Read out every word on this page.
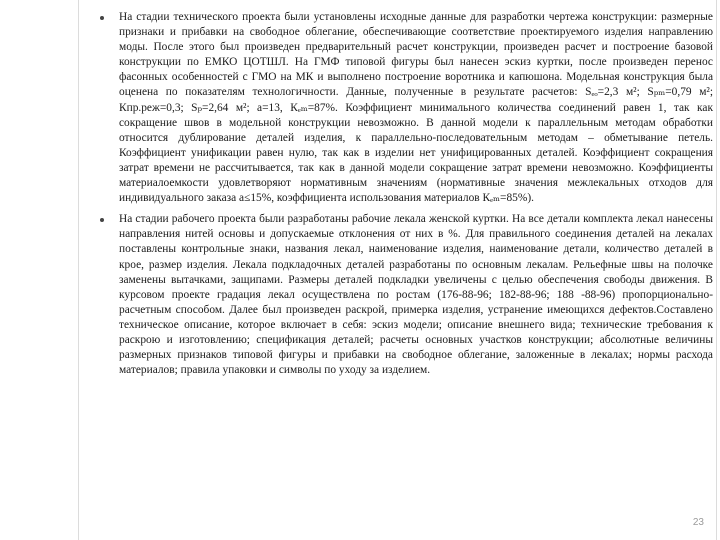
На стадии технического проекта были установлены исходные данные для разработки чертежа конструкции: размерные признаки и прибавки на свободное облегание, обеспечивающие соответствие проектируемого изделия направлению моды. После этого был произведен предварительный расчет конструкции, произведен расчет и построение базовой конструкции по ЕМКО ЦОТШЛ. На ГМФ типовой фигуры был нанесен эскиз куртки, после произведен перенос фасонных особенностей с ГМО на МК и выполнено построение воротника и капюшона. Модельная конструкция была оценена по показателям технологичности. Данные, полученные в результате расчетов: Sₑₒ=2,3 м²; Sₚₘ=0,79 м²; Кпр.реж=0,3; Sₚ=2,64 м²; а=13, Кₑₘ=87%. Коэффициент минимального количества соединений равен 1, так как сокращение швов в модельной конструкции невозможно. В данной модели к параллельным методам обработки относится дублирование деталей изделия, к параллельно-последовательным методам – обметывание петель. Коэффициент унификации равен нулю, так как в изделии нет унифицированных деталей. Коэффициент сокращения затрат времени не рассчитывается, так как в данной модели сокращение затрат времени невозможно. Коэффициенты материалоемкости удовлетворяют нормативным значениям (нормативные значения межлекальных отходов для индивидуального заказа а≤15%, коэффициента использования материалов Кₑₘ=85%).
На стадии рабочего проекта были разработаны рабочие лекала женской куртки. На все детали комплекта лекал нанесены направления нитей основы и допускаемые отклонения от них в %. Для правильного соединения деталей на лекалах поставлены контрольные знаки, названия лекал, наименование изделия, наименование детали, количество деталей в крое, размер изделия. Лекала подкладочных деталей разработаны по основным лекалам. Рельефные швы на полочке заменены вытачками, защипами. Размеры деталей подкладки увеличены с целью обеспечения свободы движения. В курсовом проекте градация лекал осуществлена по ростам (176-88-96; 182-88-96; 188 -88-96) пропорционально-расчетным способом. Далее был произведен раскрой, примерка изделия, устранение имеющихся дефектов.Составлено техническое описание, которое включает в себя: эскиз модели; описание внешнего вида; технические требования к раскрою и изготовлению; спецификация деталей; расчеты основных участков конструкции; абсолютные величины размерных признаков типовой фигуры и прибавки на свободное облегание, заложенные в лекалах; нормы расхода материалов; правила упаковки и символы по уходу за изделием.
23
